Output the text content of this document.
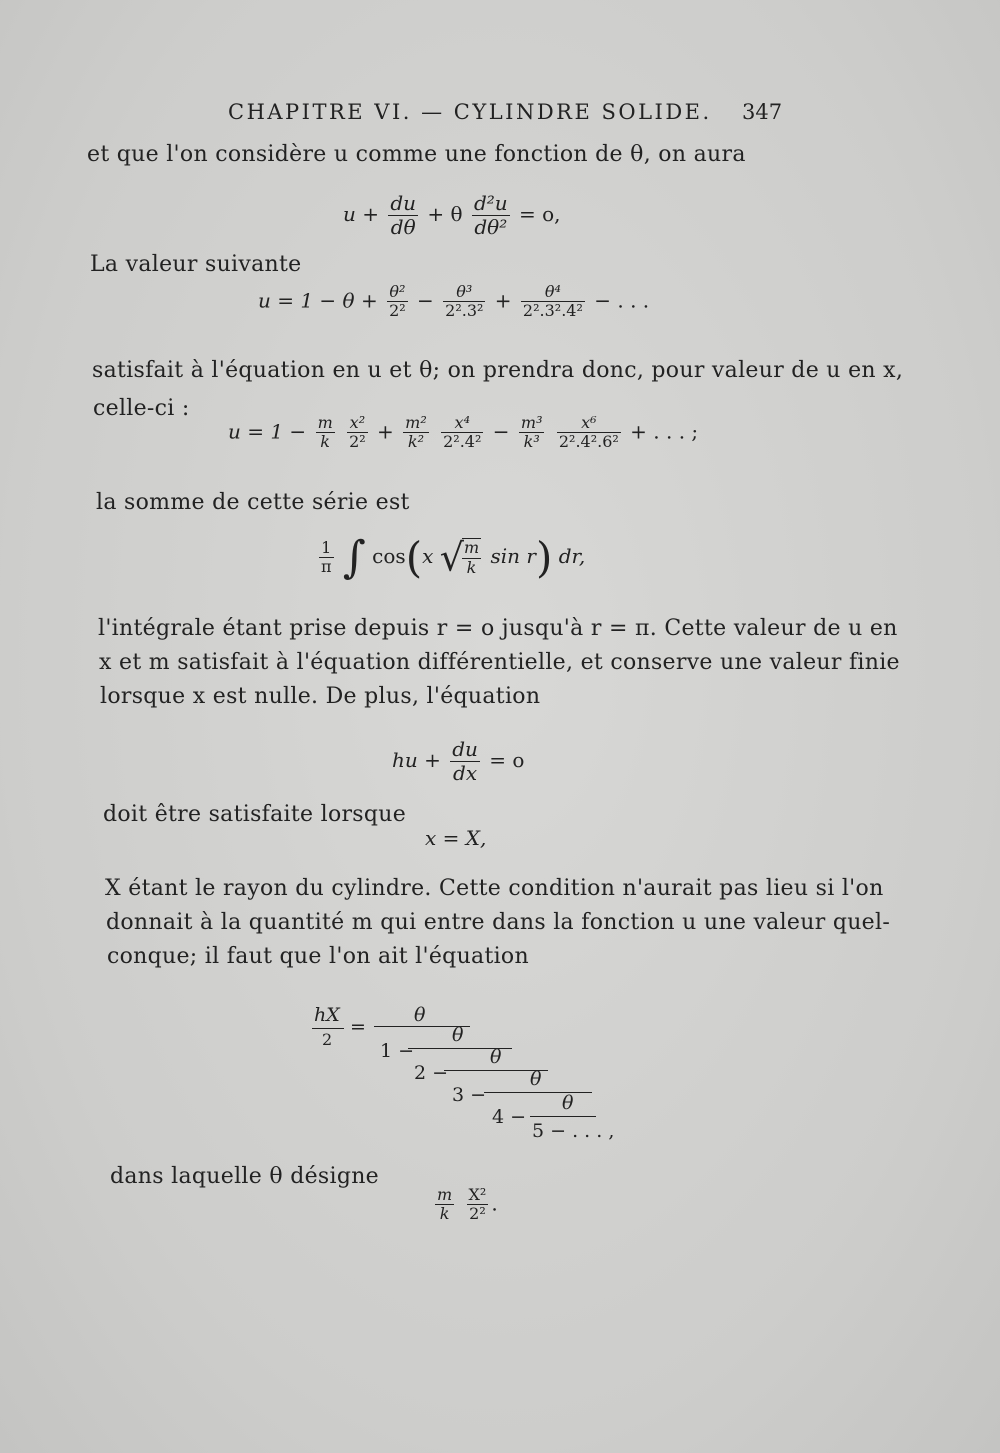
CHAPITRE VI. — CYLINDRE SOLIDE. 347
et que l'on considère u comme une fonction de θ, on aura
$u + \frac{du}{d\theta} + \theta \frac{\text{d²u}}{\text{dθ²}} = o$,
La valeur suivante
$u = 1 - \theta + \frac{\text{θ²}}{\text{2²}} - \frac{\text{θ³}}{\text{2².3²}} + \frac{\text{θ⁴}}{\text{2².3².4²}}$ − . . .
satisfait à l'équation en u et θ; on prendra donc, pour valeur de u en x,
celle-ci :
$u = 1 - \frac{m}{k}$
$\frac{\text{x²}}{\text{2²}} + \frac{\text{m²}}{\text{k²}}$
$\frac{\text{x⁴}}{\text{2².4²}} - \frac{\text{m³}}{\text{k³}}$
$\frac{\text{x⁶}}{\text{2².4².6²}}$ + . . . ;
la somme de cette série est
$\frac{1}{\pi}$ ∫ cos(x √
$\frac{m}{k}$ sin r) dr,
l'intégrale étant prise depuis r = o jusqu'à r = π. Cette valeur de u en
x et m satisfait à l'équation différentielle, et conserve une valeur finie
lorsque x est nulle. De plus, l'équation
hu + $\frac{du}{dx} = o$
doit être satisfaite lorsque
x = X,
X étant le rayon du cylindre. Cette condition n'aurait pas lieu si l'on
donnait à la quantité m qui entre dans la fonction u une valeur quel-
conque; il faut que l'on ait l'équation
hX
2
=
θ
1 −
θ
2 −
θ
3 −
θ
4 −
θ
5 − . . . ,
dans laquelle θ désigne
$\frac{m}{k}$
$\frac{\text{X²}}{\text{2²}}$ .
